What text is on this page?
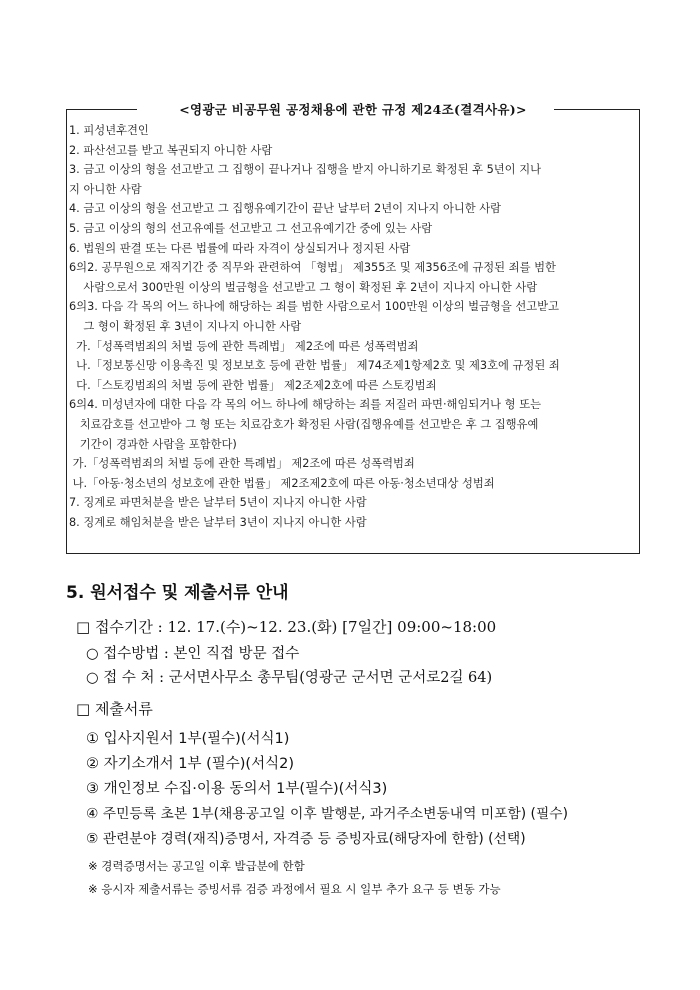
<영광군 비공무원 공정채용에 관한 규정 제24조(결격사유)>
1. 피성년후견인
2. 파산선고를 받고 복권되지 아니한 사람
3. 금고 이상의 형을 선고받고 그 집행이 끝나거나 집행을 받지 아니하기로 확정된 후 5년이 지나
지 아니한 사람
4. 금고 이상의 형을 선고받고 그 집행유예기간이 끝난 날부터 2년이 지나지 아니한 사람
5. 금고 이상의 형의 선고유예를 선고받고 그 선고유예기간 중에 있는 사람
6. 법원의 판결 또는 다른 법률에 따라 자격이 상실되거나 정지된 사람
6의2. 공무원으로 재직기간 중 직무와 관련하여 「형법」 제355조 및 제356조에 규정된 죄를 범한
사람으로서 300만원 이상의 벌금형을 선고받고 그 형이 확정된 후 2년이 지나지 아니한 사람
6의3. 다음 각 목의 어느 하나에 해당하는 죄를 범한 사람으로서 100만원 이상의 벌금형을 선고받고
그 형이 확정된 후 3년이 지나지 아니한 사람
가.「성폭력범죄의 처벌 등에 관한 특례법」 제2조에 따른 성폭력범죄
나.「정보통신망 이용촉진 및 정보보호 등에 관한 법률」 제74조제1항제2호 및 제3호에 규정된 죄
다.「스토킹범죄의 처벌 등에 관한 법률」 제2조제2호에 따른 스토킹범죄
6의4. 미성년자에 대한 다음 각 목의 어느 하나에 해당하는 죄를 저질러 파면·해임되거나 형 또는
치료감호를 선고받아 그 형 또는 치료감호가 확정된 사람(집행유예를 선고받은 후 그 집행유예
기간이 경과한 사람을 포함한다)
가.「성폭력범죄의 처벌 등에 관한 특례법」 제2조에 따른 성폭력범죄
나.「아동·청소년의 성보호에 관한 법률」 제2조제2호에 따른 아동·청소년대상 성범죄
7. 징계로 파면처분을 받은 날부터 5년이 지나지 아니한 사람
8. 징계로 해임처분을 받은 날부터 3년이 지나지 아니한 사람
5. 원서접수 및 제출서류 안내
□ 접수기간 : 12. 17.(수)~12. 23.(화) [7일간] 09:00~18:00
○ 접수방법 : 본인 직접 방문 접수
○ 접 수 처 : 군서면사무소 총무팀(영광군 군서면 군서로2길 64)
□ 제출서류
① 입사지원서 1부(필수)(서식1)
② 자기소개서 1부 (필수)(서식2)
③ 개인정보 수집·이용 동의서 1부(필수)(서식3)
④ 주민등록 초본 1부(채용공고일 이후 발행분, 과거주소변동내역 미포함) (필수)
⑤ 관련분야 경력(재직)증명서, 자격증 등 증빙자료(해당자에 한함) (선택)
※ 경력증명서는 공고일 이후 발급분에 한함
※ 응시자 제출서류는 증빙서류 검증 과정에서 필요 시 일부 추가 요구 등 변동 가능
